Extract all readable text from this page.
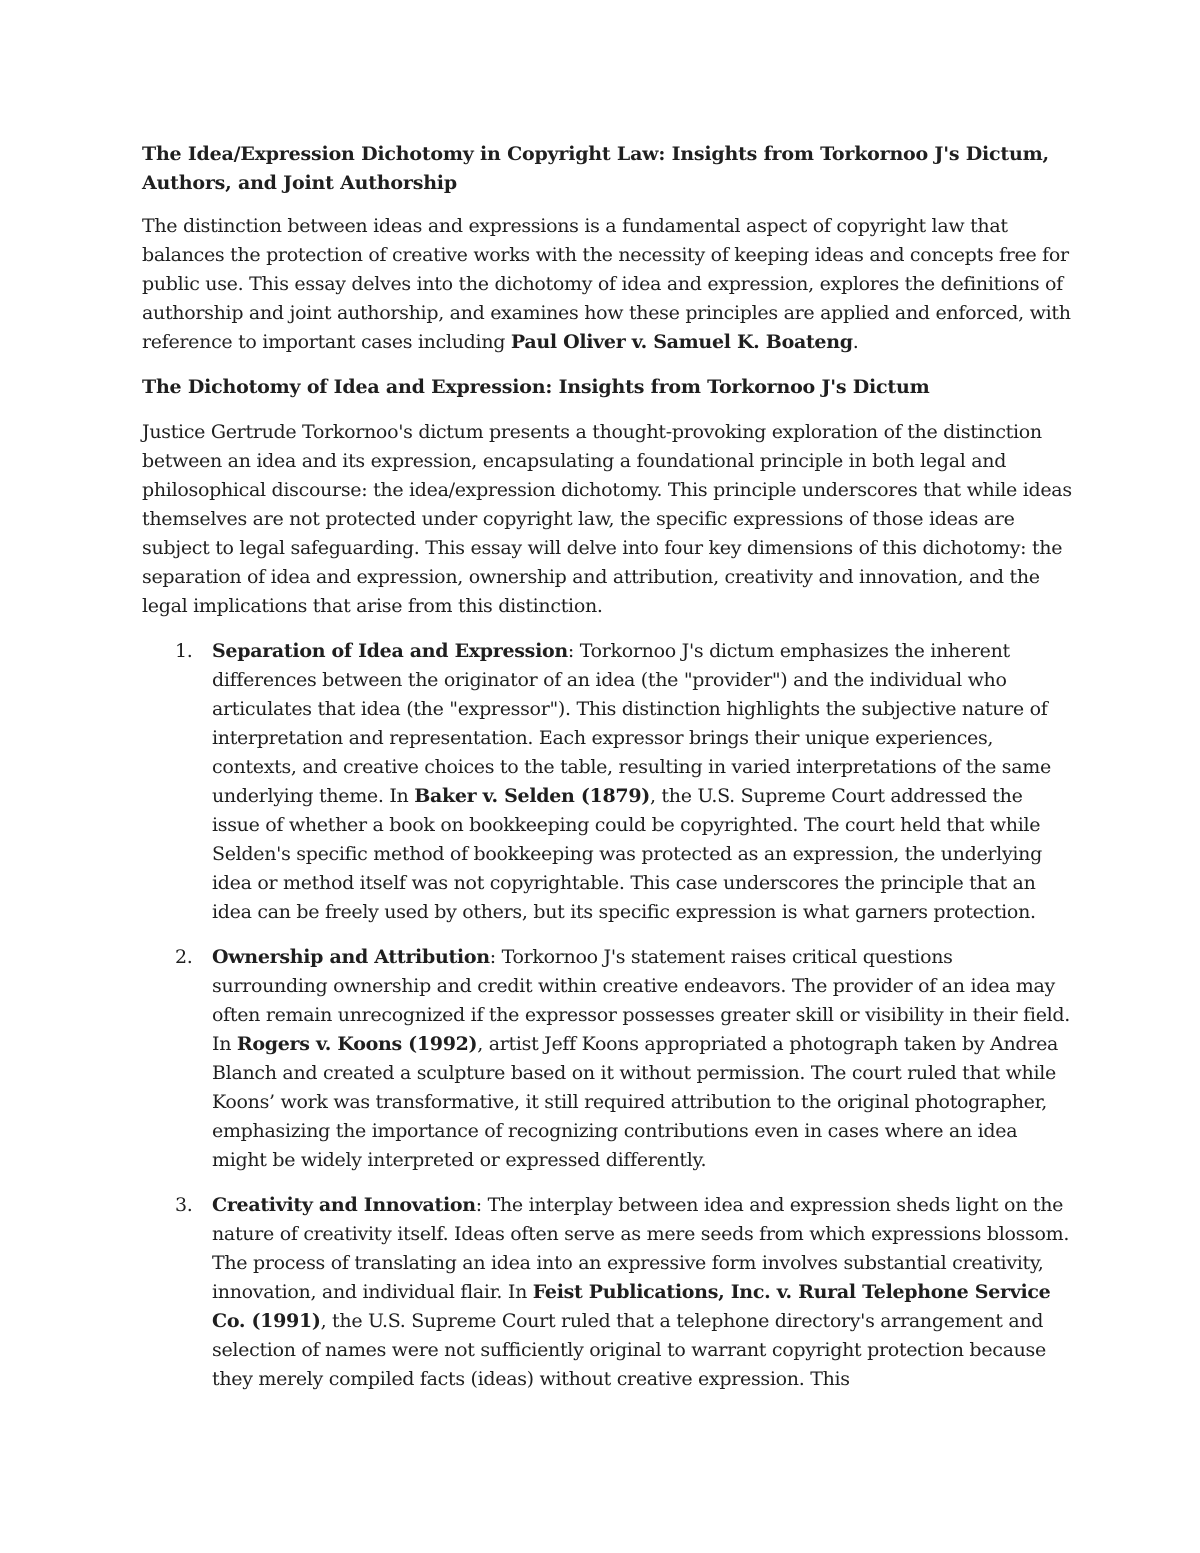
The Idea/Expression Dichotomy in Copyright Law: Insights from Torkornoo J's Dictum, Authors, and Joint Authorship

The distinction between ideas and expressions is a fundamental aspect of copyright law that balances the protection of creative works with the necessity of keeping ideas and concepts free for public use. This essay delves into the dichotomy of idea and expression, explores the definitions of authorship and joint authorship, and examines how these principles are applied and enforced, with reference to important cases including Paul Oliver v. Samuel K. Boateng.

The Dichotomy of Idea and Expression: Insights from Torkornoo J's Dictum

Justice Gertrude Torkornoo's dictum presents a thought-provoking exploration of the distinction between an idea and its expression, encapsulating a foundational principle in both legal and philosophical discourse: the idea/expression dichotomy. This principle underscores that while ideas themselves are not protected under copyright law, the specific expressions of those ideas are subject to legal safeguarding. This essay will delve into four key dimensions of this dichotomy: the separation of idea and expression, ownership and attribution, creativity and innovation, and the legal implications that arise from this distinction.

1. Separation of Idea and Expression: Torkornoo J's dictum emphasizes the inherent differences between the originator of an idea (the "provider") and the individual who articulates that idea (the "expressor"). This distinction highlights the subjective nature of interpretation and representation. Each expressor brings their unique experiences, contexts, and creative choices to the table, resulting in varied interpretations of the same underlying theme. In Baker v. Selden (1879), the U.S. Supreme Court addressed the issue of whether a book on bookkeeping could be copyrighted. The court held that while Selden's specific method of bookkeeping was protected as an expression, the underlying idea or method itself was not copyrightable. This case underscores the principle that an idea can be freely used by others, but its specific expression is what garners protection.
2. Ownership and Attribution: Torkornoo J's statement raises critical questions surrounding ownership and credit within creative endeavors. The provider of an idea may often remain unrecognized if the expressor possesses greater skill or visibility in their field. In Rogers v. Koons (1992), artist Jeff Koons appropriated a photograph taken by Andrea Blanch and created a sculpture based on it without permission. The court ruled that while Koons’ work was transformative, it still required attribution to the original photographer, emphasizing the importance of recognizing contributions even in cases where an idea might be widely interpreted or expressed differently.
3. Creativity and Innovation: The interplay between idea and expression sheds light on the nature of creativity itself. Ideas often serve as mere seeds from which expressions blossom. The process of translating an idea into an expressive form involves substantial creativity, innovation, and individual flair. In Feist Publications, Inc. v. Rural Telephone Service Co. (1991), the U.S. Supreme Court ruled that a telephone directory's arrangement and selection of names were not sufficiently original to warrant copyright protection because they merely compiled facts (ideas) without creative expression. This
